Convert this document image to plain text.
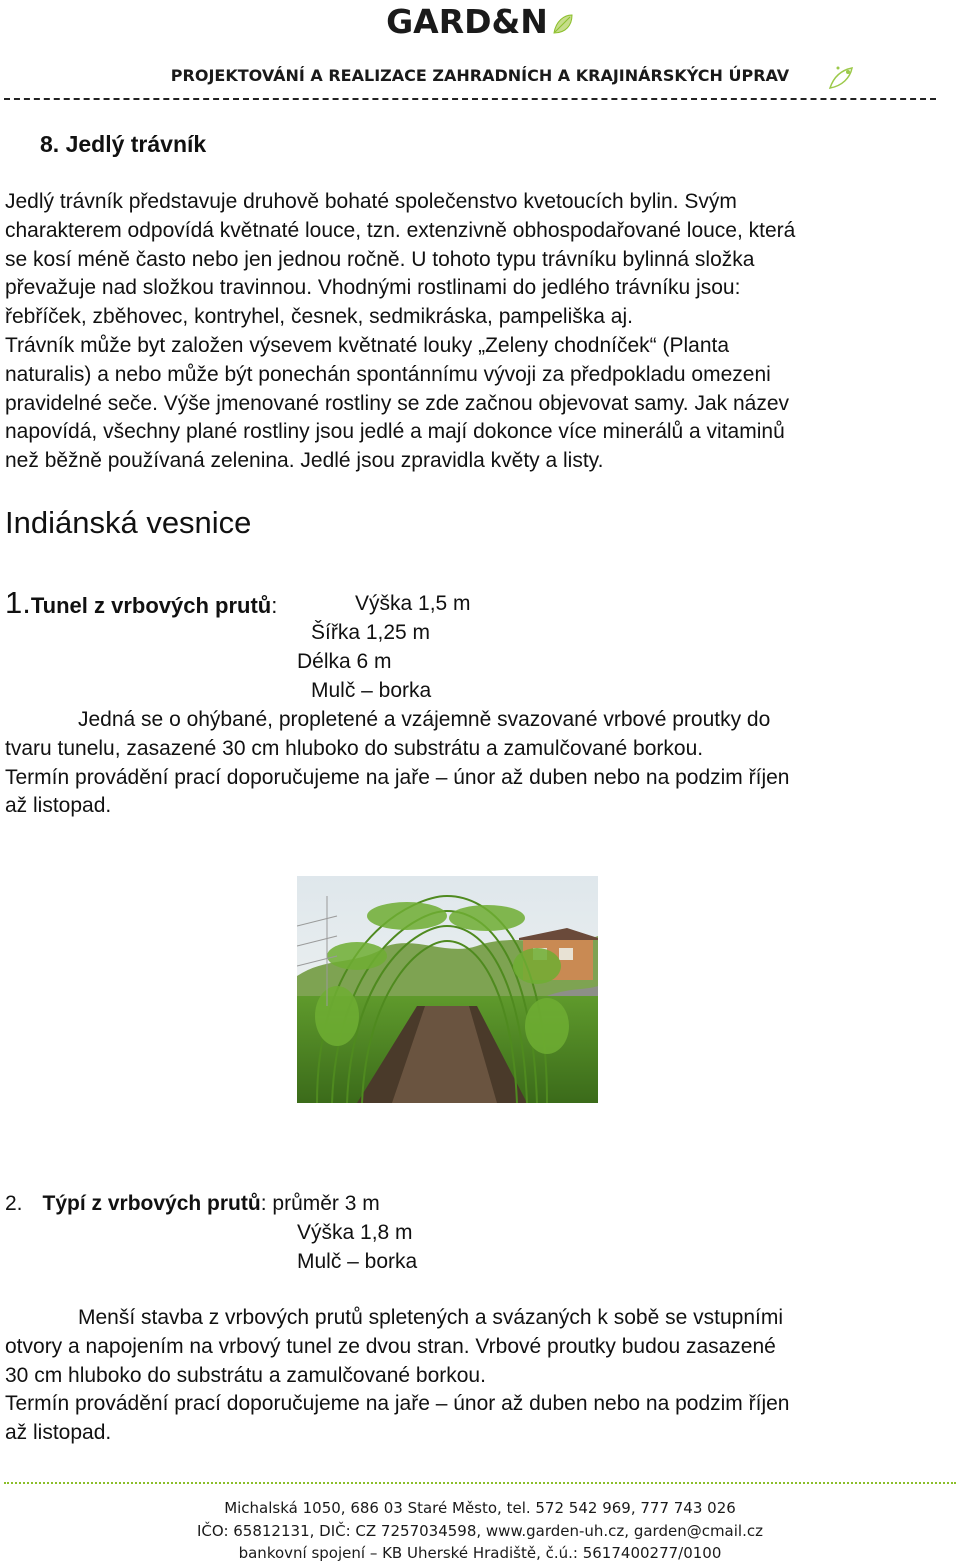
GARD&N
PROJEKTOVÁNÍ A REALIZACE ZAHRADNÍCH A KRAJINÁRSKÝCH ÚPRAV
8. Jedlý trávník
Jedlý trávník představuje druhově bohaté společenstvo kvetoucích bylin. Svým
charakterem odpovídá květnaté louce, tzn. extenzivně obhospodařované louce, která
se kosí méně často nebo jen jednou ročně. U tohoto typu trávníku bylinná složka
převažuje nad složkou travinnou. Vhodnými rostlinami do jedlého trávníku jsou:
řebříček, zběhovec, kontryhel, česnek, sedmikráska, pampeliška aj.
Trávník může byt založen výsevem květnaté louky „Zeleny chodníček“ (Planta
naturalis) a nebo může být ponechán spontánnímu vývoji za předpokladu omezeni
pravidelné seče. Výše jmenované rostliny se zde začnou objevovat samy. Jak název
napovídá, všechny plané rostliny jsou jedlé a mají dokonce více minerálů a vitaminů
než běžně používaná zelenina. Jedlé jsou zpravidla květy a listy.
Indiánská vesnice
1.Tunel z vrbových prutů:	Výška 1,5 m
Šířka 1,25 m
Délka 6 m
Mulč – borka
Jedná se o ohýbané, propletené a vzájemně svazované vrbové proutky do
tvaru tunelu, zasazené 30 cm hluboko do substrátu a zamulčované borkou.
Termín provádění prací doporučujeme na jaře – únor až duben nebo na podzim říjen
až listopad.
2. Týpí z vrbových prutů: průměr 3 m
Výška 1,8 m
Mulč – borka
Menší stavba z vrbových prutů spletených a svázaných k sobě se vstupními
otvory a napojením na vrbový tunel ze dvou stran. Vrbové proutky budou zasazené
30 cm hluboko do substrátu a zamulčované borkou.
Termín provádění prací doporučujeme na jaře – únor až duben nebo na podzim říjen
až listopad.
Michalská 1050, 686 03 Staré Město, tel. 572 542 969, 777 743 026
IČO: 65812131, DIČ: CZ 7257034598, www.garden-uh.cz, garden@cmail.cz
bankovní spojení – KB Uherské Hradiště, č.ú.: 5617400277/0100
